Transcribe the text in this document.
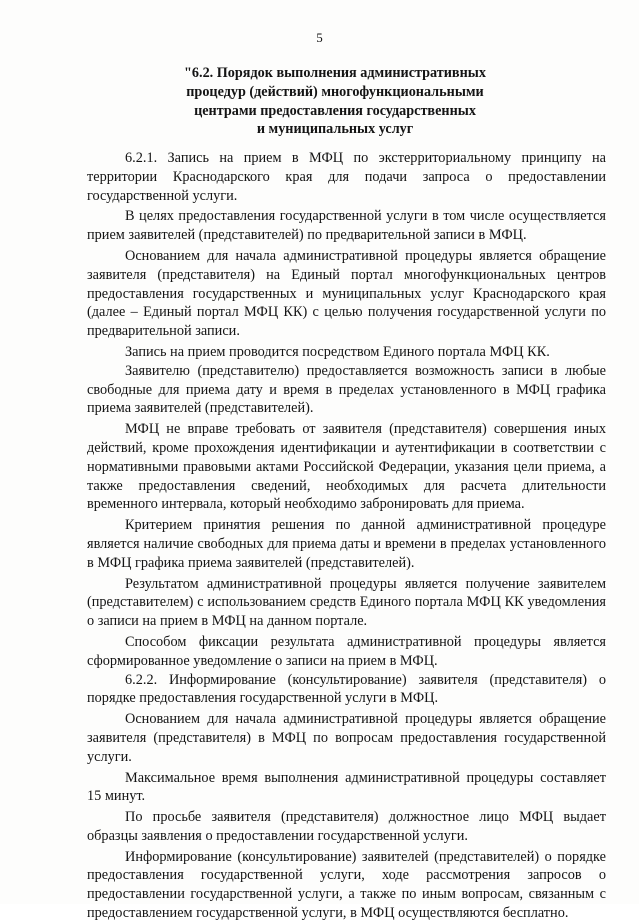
5
"6.2. Порядок выполнения административных
процедур (действий) многофункциональными
центрами предоставления государственных
и муниципальных услуг

6.2.1. Запись на прием в МФЦ по экстерриториальному принципу на территории Краснодарского края для подачи запроса о предоставлении государственной услуги.

В целях предоставления государственной услуги в том числе осуществляется прием заявителей (представителей) по предварительной записи в МФЦ.

Основанием для начала административной процедуры является обращение заявителя (представителя) на Единый портал многофункциональных центров предоставления государственных и муниципальных услуг Краснодарского края (далее – Единый портал МФЦ КК) с целью получения государственной услуги по предварительной записи.

Запись на прием проводится посредством Единого портала МФЦ КК.

Заявителю (представителю) предоставляется возможность записи в любые свободные для приема дату и время в пределах установленного в МФЦ графика приема заявителей (представителей).

МФЦ не вправе требовать от заявителя (представителя) совершения иных действий, кроме прохождения идентификации и аутентификации в соответствии с нормативными правовыми актами Российской Федерации, указания цели приема, а также предоставления сведений, необходимых для расчета длительности временного интервала, который необходимо забронировать для приема.

Критерием принятия решения по данной административной процедуре является наличие свободных для приема даты и времени в пределах установленного в МФЦ графика приема заявителей (представителей).

Результатом административной процедуры является получение заявителем (представителем) с использованием средств Единого портала МФЦ КК уведомления о записи на прием в МФЦ на данном портале.

Способом фиксации результата административной процедуры является сформированное уведомление о записи на прием в МФЦ.

6.2.2. Информирование (консультирование) заявителя (представителя) о порядке предоставления государственной услуги в МФЦ.

Основанием для начала административной процедуры является обращение заявителя (представителя) в МФЦ по вопросам предоставления государственной услуги.

Максимальное время выполнения административной процедуры составляет 15 минут.

По просьбе заявителя (представителя) должностное лицо МФЦ выдает образцы заявления о предоставлении государственной услуги.

Информирование (консультирование) заявителей (представителей) о порядке предоставления государственной услуги, ходе рассмотрения запросов о предоставлении государственной услуги, а также по иным вопросам, связанным с предоставлением государственной услуги, в МФЦ осуществляются бесплатно.
